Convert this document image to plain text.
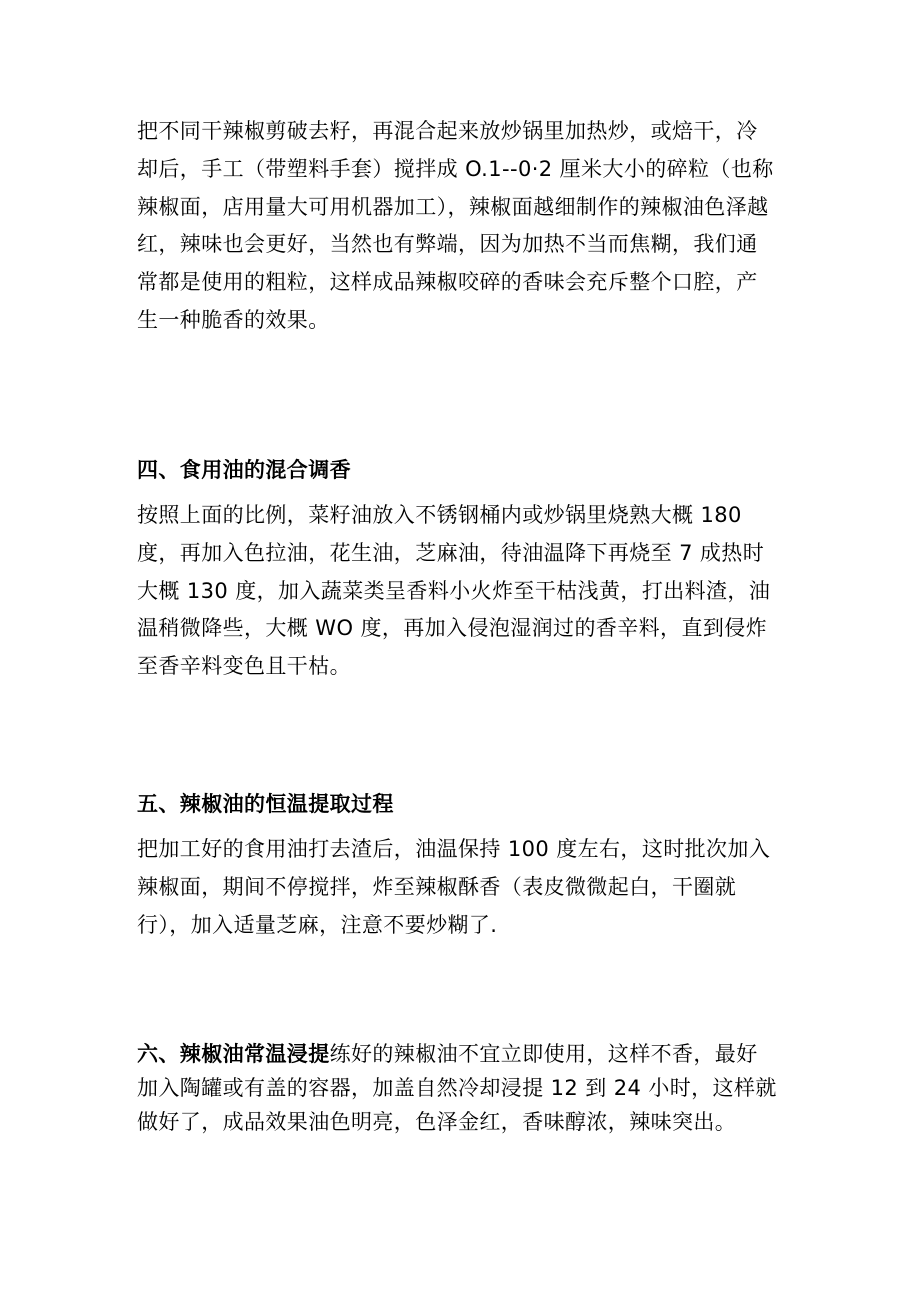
把不同干辣椒剪破去籽，再混合起来放炒锅里加热炒，或焙干，冷却后，手工（带塑料手套）搅拌成 O.1--0·2 厘米大小的碎粒（也称辣椒面，店用量大可用机器加工），辣椒面越细制作的辣椒油色泽越红，辣味也会更好，当然也有弊端，因为加热不当而焦糊，我们通常都是使用的粗粒，这样成品辣椒咬碎的香味会充斥整个口腔，产生一种脆香的效果。

四、食用油的混合调香

按照上面的比例，菜籽油放入不锈钢桶内或炒锅里烧熟大概 180 度，再加入色拉油，花生油，芝麻油，待油温降下再烧至 7 成热时大概 130 度，加入蔬菜类呈香料小火炸至干枯浅黄，打出料渣，油温稍微降些，大概 WO 度，再加入侵泡湿润过的香辛料，直到侵炸至香辛料变色且干枯。

五、辣椒油的恒温提取过程

把加工好的食用油打去渣后，油温保持 100 度左右，这时批次加入辣椒面，期间不停搅拌，炸至辣椒酥香（表皮微微起白，干圈就行），加入适量芝麻，注意不要炒糊了.

六、辣椒油常温浸提练好的辣椒油不宜立即使用，这样不香，最好加入陶罐或有盖的容器，加盖自然冷却浸提 12 到 24 小时，这样就做好了，成品效果油色明亮，色泽金红，香味醇浓，辣味突出。
